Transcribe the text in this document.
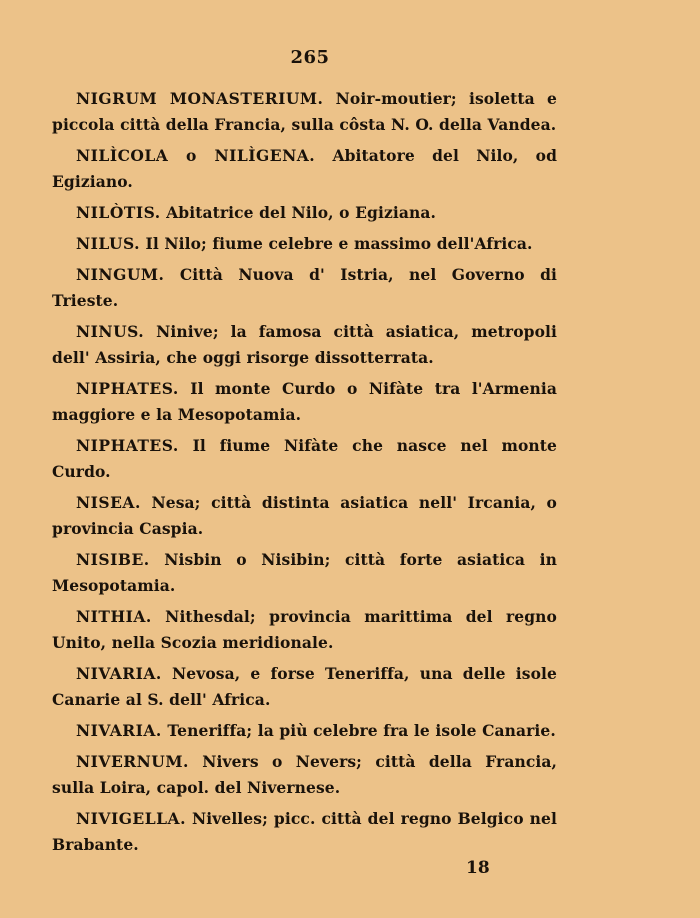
265

NIGRUM MONASTERIUM. Noir-moutier; isoletta e piccola città della Francia, sulla côsta N. O. della Vandea.

NILÌCOLA o NILÌGENA. Abitatore del Nilo, od Egiziano.

NILÒTIS. Abitatrice del Nilo, o Egiziana.

NILUS. Il Nilo; fiume celebre e massimo dell'Africa.

NINGUM. Città Nuova d' Istria, nel Governo di Trieste.

NINUS. Ninive; la famosa città asiatica, metropoli dell' Assiria, che oggi risorge dissotterrata.

NIPHATES. Il monte Curdo o Nifàte tra l'Armenia maggiore e la Mesopotamia.

NIPHATES. Il fiume Nifàte che nasce nel monte Curdo.

NISEA. Nesa; città distinta asiatica nell' Ircania, o provincia Caspia.

NISIBE. Nisbin o Nisibin; città forte asiatica in Mesopotamia.

NITHIA. Nithesdal; provincia marittima del regno Unito, nella Scozia meridionale.

NIVARIA. Nevosa, e forse Teneriffa, una delle isole Canarie al S. dell' Africa.

NIVARIA. Teneriffa; la più celebre fra le isole Canarie.

NIVERNUM. Nivers o Nevers; città della Francia, sulla Loira, capol. del Nivernese.

NIVIGELLA. Nivelles; picc. città del regno Belgico nel Brabante.

18
